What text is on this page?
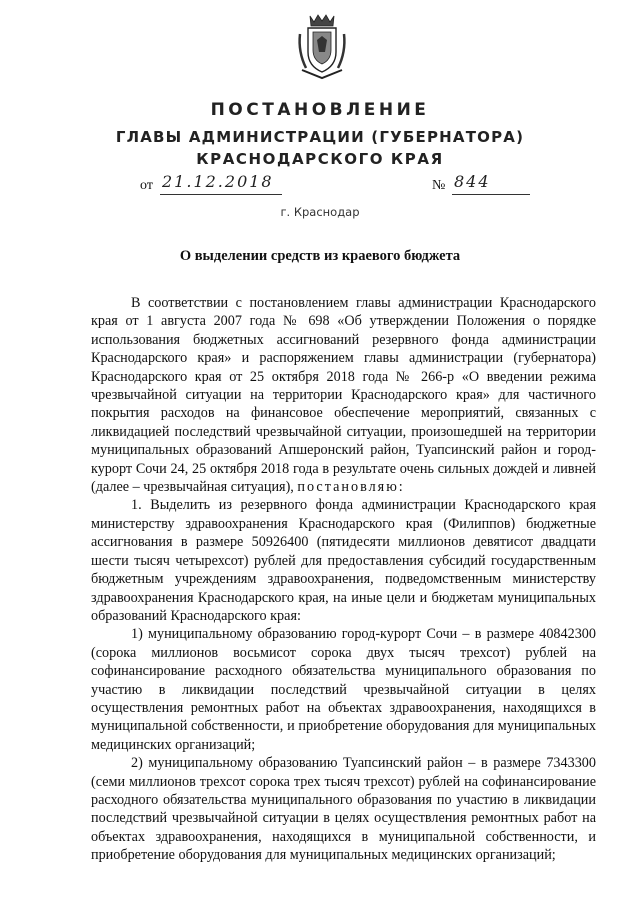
ПОСТАНОВЛЕНИЕ
ГЛАВЫ АДМИНИСТРАЦИИ (ГУБЕРНАТОРА)
КРАСНОДАРСКОГО КРАЯ
от 21.12.2018	№ 844
г. Краснодар
О выделении средств из краевого бюджета

В соответствии с постановлением главы администрации Краснодарского края от 1 августа 2007 года № 698 «Об утверждении Положения о порядке использования бюджетных ассигнований резервного фонда администрации Краснодарского края» и распоряжением главы администрации (губернатора) Краснодарского края от 25 октября 2018 года № 266-р «О введении режима чрезвычайной ситуации на территории Краснодарского края» для частичного покрытия расходов на финансовое обеспечение мероприятий, связанных с ликвидацией последствий чрезвычайной ситуации, произошедшей на территории муниципальных образований Апшеронский район, Туапсинский район и город-курорт Сочи 24, 25 октября 2018 года в результате очень сильных дождей и ливней (далее – чрезвычайная ситуация), постановляю:

1. Выделить из резервного фонда администрации Краснодарского края министерству здравоохранения Краснодарского края (Филиппов) бюджетные ассигнования в размере 50926400 (пятидесяти миллионов девятисот двадцати шести тысяч четырехсот) рублей для предоставления субсидий государственным бюджетным учреждениям здравоохранения, подведомственным министерству здравоохранения Краснодарского края, на иные цели и бюджетам муниципальных образований Краснодарского края:

1) муниципальному образованию город-курорт Сочи – в размере 40842300 (сорока миллионов восьмисот сорока двух тысяч трехсот) рублей на софинансирование расходного обязательства муниципального образования по участию в ликвидации последствий чрезвычайной ситуации в целях осуществления ремонтных работ на объектах здравоохранения, находящихся в муниципальной собственности, и приобретение оборудования для муниципальных медицинских организаций;

2) муниципальному образованию Туапсинский район – в размере 7343300 (семи миллионов трехсот сорока трех тысяч трехсот) рублей на софинансирование расходного обязательства муниципального образования по участию в ликвидации последствий чрезвычайной ситуации в целях осуществления ремонтных работ на объектах здравоохранения, находящихся в муниципальной собственности, и приобретение оборудования для муниципальных медицинских организаций;
